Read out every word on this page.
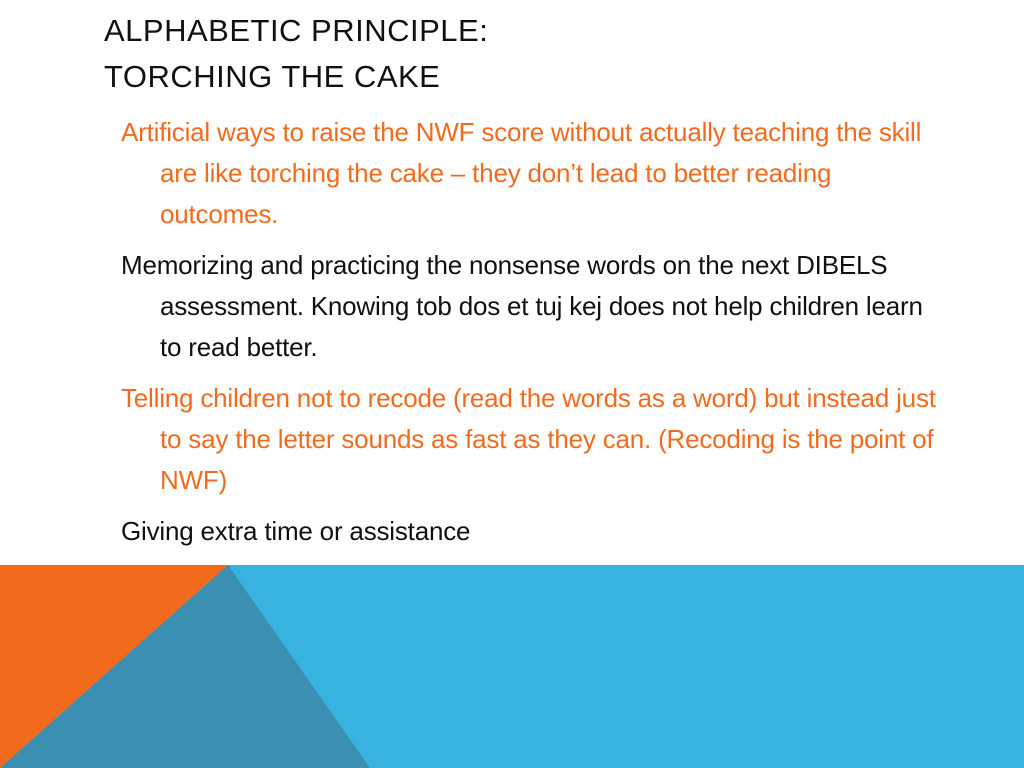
ALPHABETIC PRINCIPLE:
TORCHING THE CAKE
Artificial ways to raise the NWF score without actually teaching the skill are like torching the cake – they don’t lead to better reading outcomes.
Memorizing and practicing the nonsense words on the next DIBELS assessment. Knowing tob dos et tuj kej does not help children learn to read better.
Telling children not to recode (read the words as a word) but instead just to say the letter sounds as fast as they can. (Recoding is the point of NWF)
Giving extra time or assistance
